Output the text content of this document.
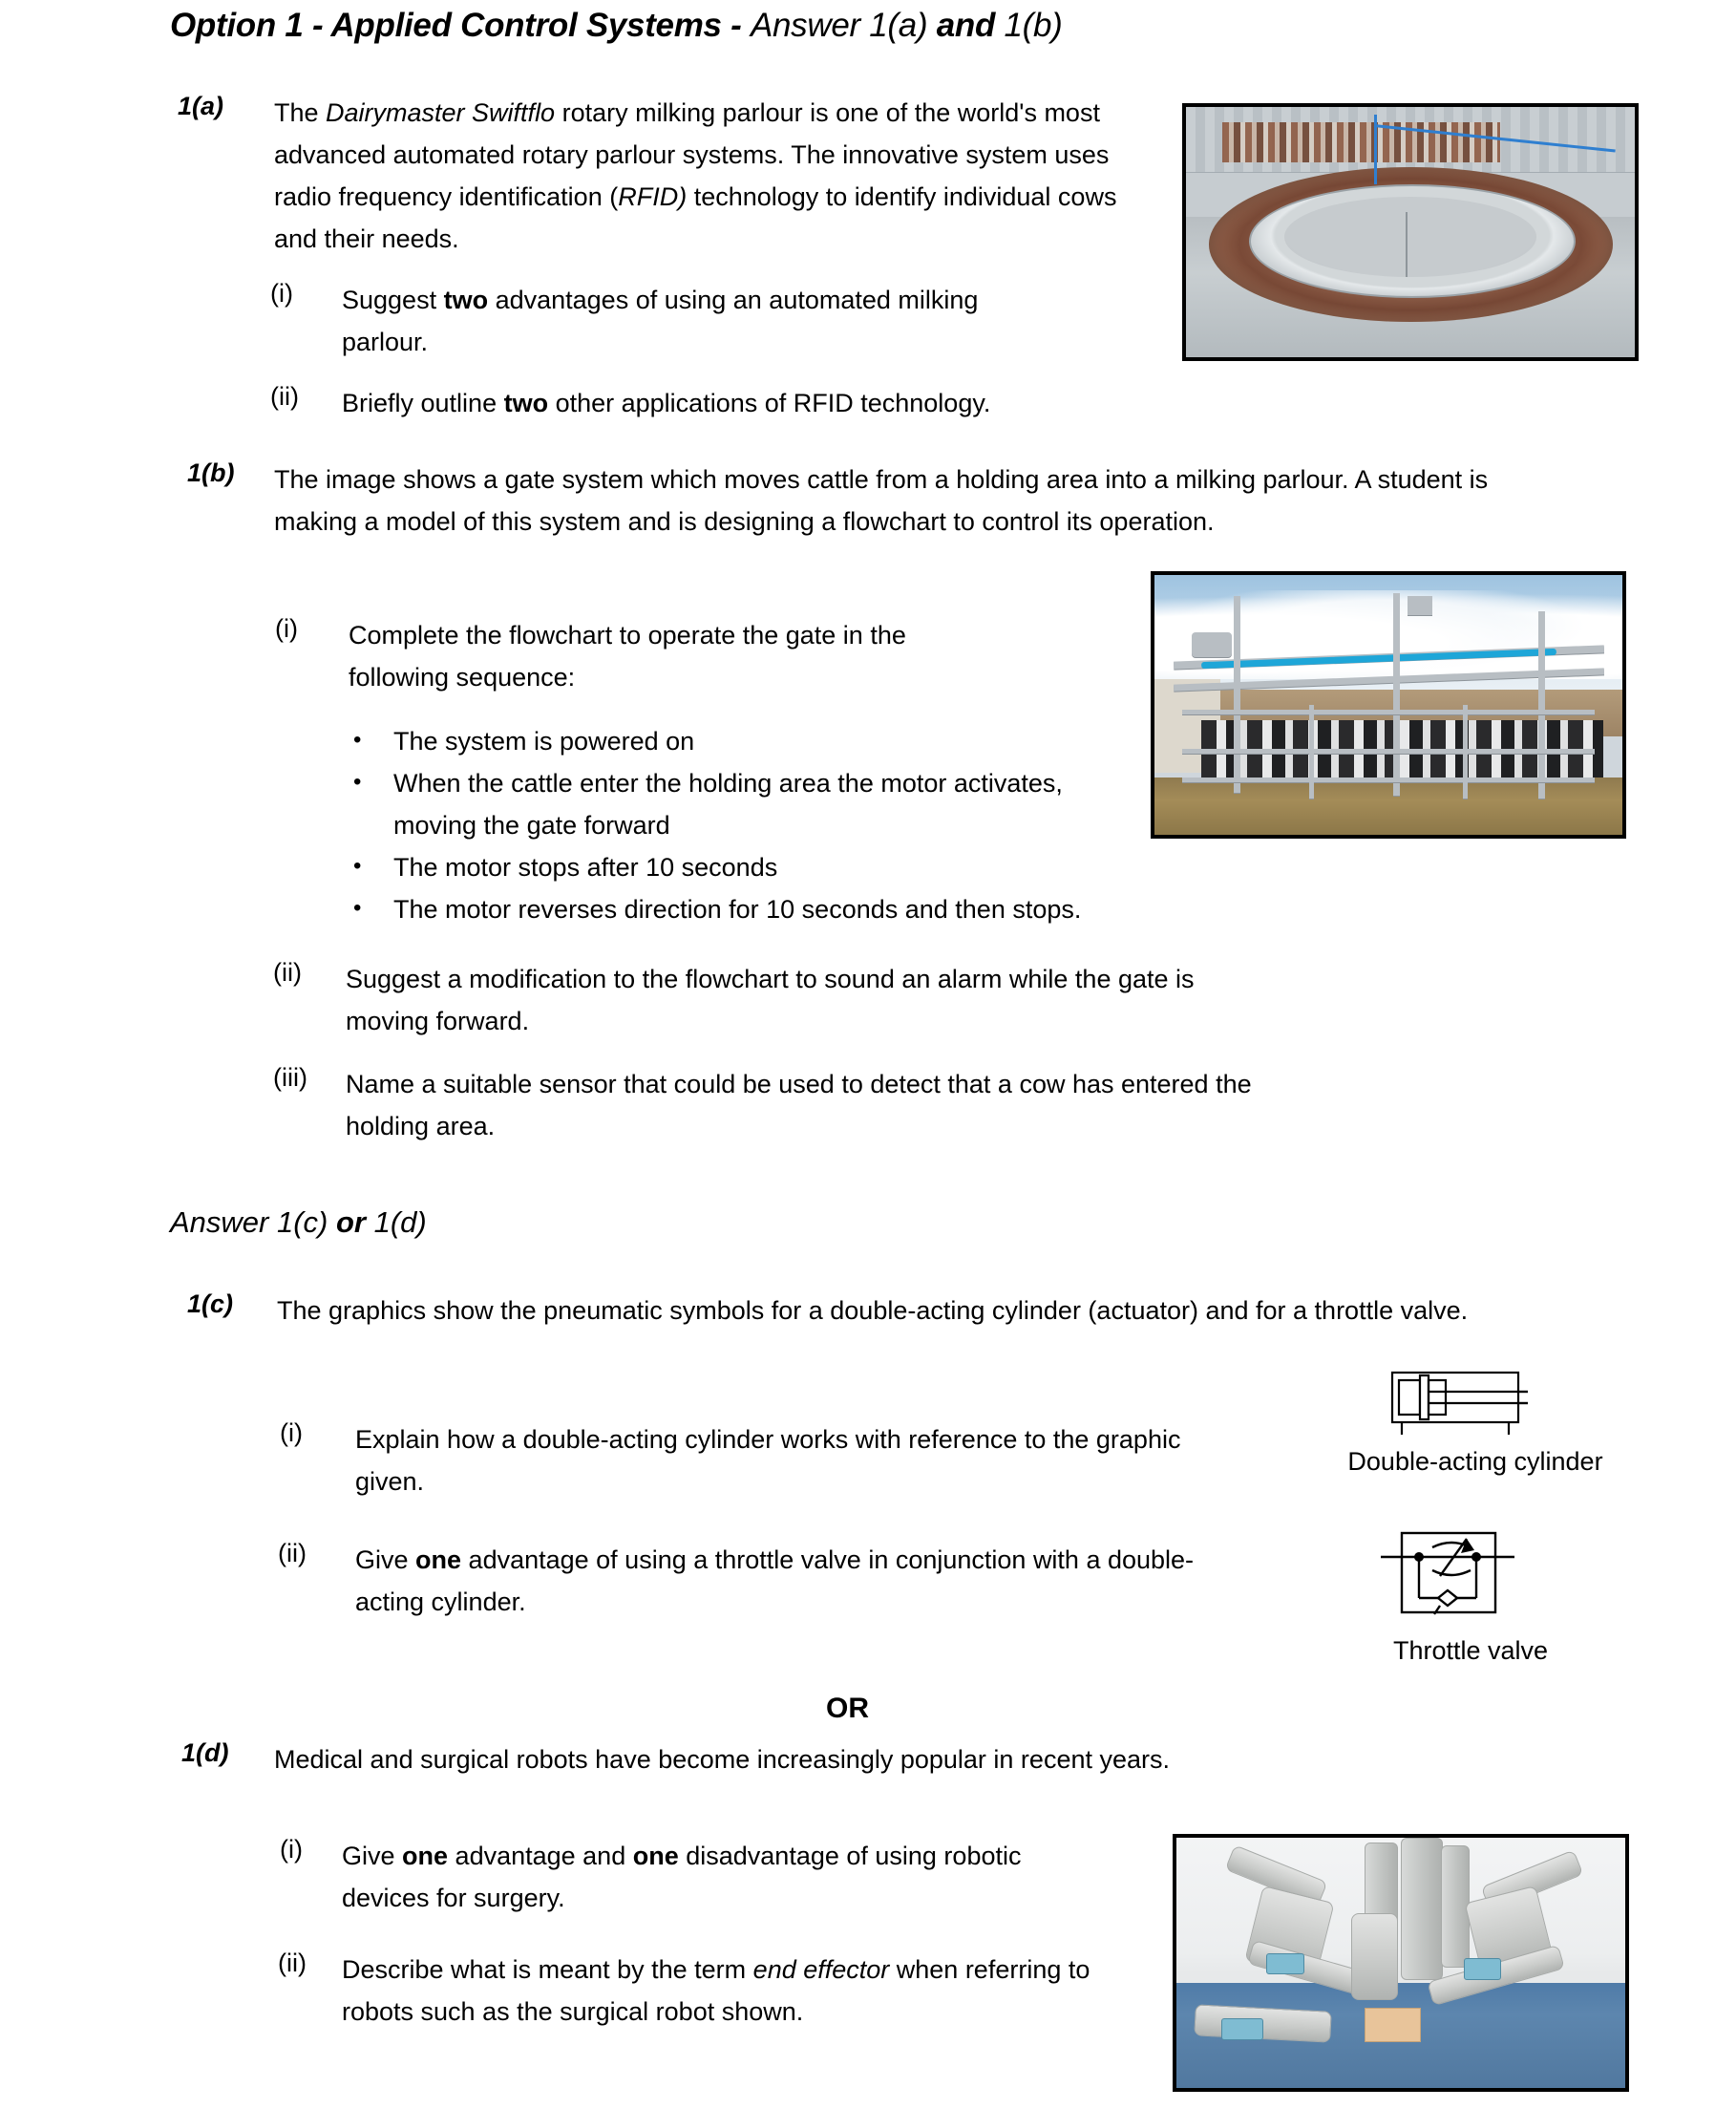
Option 1 - Applied Control Systems - Answer 1(a) and 1(b)
1(a) The Dairymaster Swiftflo rotary milking parlour is one of the world's most advanced automated rotary parlour systems. The innovative system uses radio frequency identification (RFID) technology to identify individual cows and their needs.
(i) Suggest two advantages of using an automated milking parlour.
(ii) Briefly outline two other applications of RFID technology.
1(b) The image shows a gate system which moves cattle from a holding area into a milking parlour. A student is making a model of this system and is designing a flowchart to control its operation.
(i) Complete the flowchart to operate the gate in the following sequence:
• The system is powered on
• When the cattle enter the holding area the motor activates, moving the gate forward
• The motor stops after 10 seconds
• The motor reverses direction for 10 seconds and then stops.
(ii) Suggest a modification to the flowchart to sound an alarm while the gate is moving forward.
(iii) Name a suitable sensor that could be used to detect that a cow has entered the holding area.
Answer 1(c) or 1(d)
1(c) The graphics show the pneumatic symbols for a double-acting cylinder (actuator) and for a throttle valve.
(i) Explain how a double-acting cylinder works with reference to the graphic given.
(ii) Give one advantage of using a throttle valve in conjunction with a double-acting cylinder.
Double-acting cylinder
Throttle valve
OR
1(d) Medical and surgical robots have become increasingly popular in recent years.
(i) Give one advantage and one disadvantage of using robotic devices for surgery.
(ii) Describe what is meant by the term end effector when referring to robots such as the surgical robot shown.
